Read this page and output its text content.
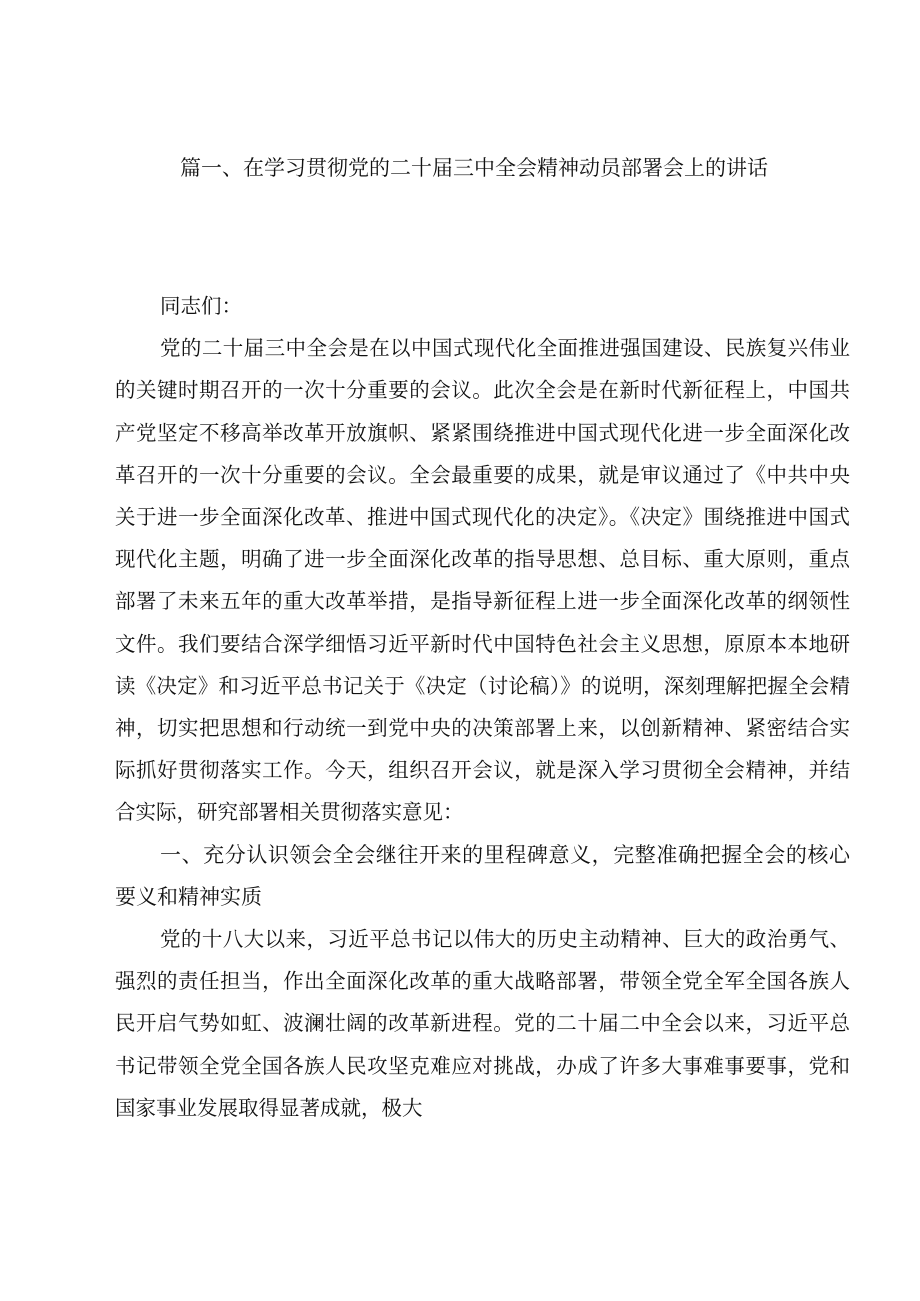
篇一、在学习贯彻党的二十届三中全会精神动员部署会上的讲话

同志们：

党的二十届三中全会是在以中国式现代化全面推进强国建设、民族复兴伟业的关键时期召开的一次十分重要的会议。此次全会是在新时代新征程上，中国共产党坚定不移高举改革开放旗帜、紧紧围绕推进中国式现代化进一步全面深化改革召开的一次十分重要的会议。全会最重要的成果，就是审议通过了《中共中央关于进一步全面深化改革、推进中国式现代化的决定》。《决定》围绕推进中国式现代化主题，明确了进一步全面深化改革的指导思想、总目标、重大原则，重点部署了未来五年的重大改革举措，是指导新征程上进一步全面深化改革的纲领性文件。我们要结合深学细悟习近平新时代中国特色社会主义思想，原原本本地研读《决定》和习近平总书记关于《决定（讨论稿）》的说明，深刻理解把握全会精神，切实把思想和行动统一到党中央的决策部署上来，以创新精神、紧密结合实际抓好贯彻落实工作。今天，组织召开会议，就是深入学习贯彻全会精神，并结合实际，研究部署相关贯彻落实意见：

一、充分认识领会全会继往开来的里程碑意义，完整准确把握全会的核心要义和精神实质

党的十八大以来，习近平总书记以伟大的历史主动精神、巨大的政治勇气、强烈的责任担当，作出全面深化改革的重大战略部署，带领全党全军全国各族人民开启气势如虹、波澜壮阔的改革新进程。党的二十届二中全会以来，习近平总书记带领全党全国各族人民攻坚克难应对挑战，办成了许多大事难事要事，党和国家事业发展取得显著成就，极大
